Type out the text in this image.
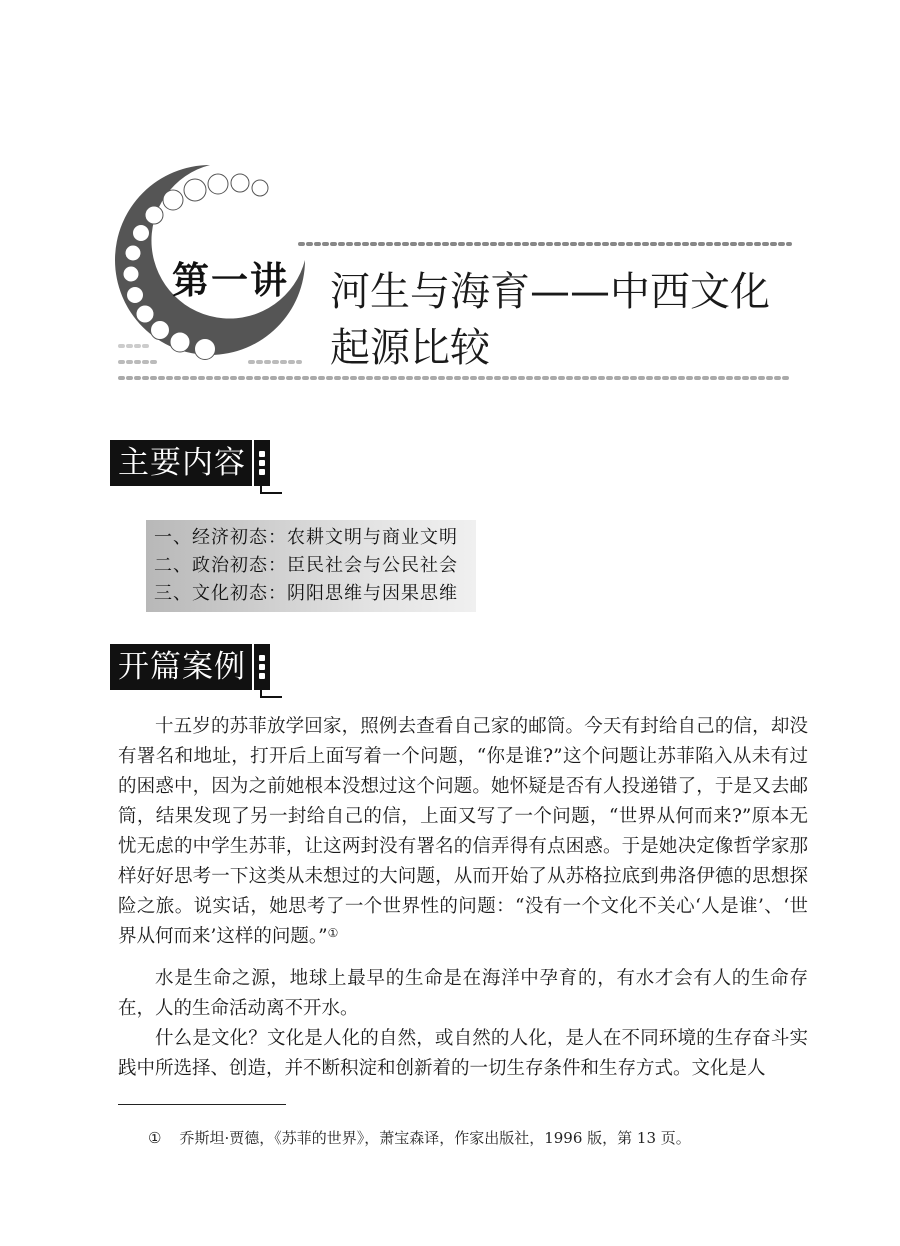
第一讲 河生与海育——中西文化
起源比较
主要内容
一、经济初态：农耕文明与商业文明
二、政治初态：臣民社会与公民社会
三、文化初态：阴阳思维与因果思维
开篇案例

十五岁的苏菲放学回家，照例去查看自己家的邮筒。今天有封给自己的信，却没有署名和地址，打开后上面写着一个问题，“你是谁?”这个问题让苏菲陷入从未有过的困惑中，因为之前她根本没想过这个问题。她怀疑是否有人投递错了，于是又去邮筒，结果发现了另一封给自己的信，上面又写了一个问题，“世界从何而来?”原本无忧无虑的中学生苏菲，让这两封没有署名的信弄得有点困惑。于是她决定像哲学家那样好好思考一下这类从未想过的大问题，从而开始了从苏格拉底到弗洛伊德的思想探险之旅。说实话，她思考了一个世界性的问题：“没有一个文化不关心‘人是谁’、‘世界从何而来’这样的问题。”①

水是生命之源，地球上最早的生命是在海洋中孕育的，有水才会有人的生命存在，人的生命活动离不开水。

什么是文化？文化是人化的自然，或自然的人化，是人在不同环境的生存奋斗实践中所选择、创造，并不断积淀和创新着的一切生存条件和生存方式。文化是人

① 乔斯坦·贾德，《苏菲的世界》，萧宝森译，作家出版社，1996 版，第 13 页。
